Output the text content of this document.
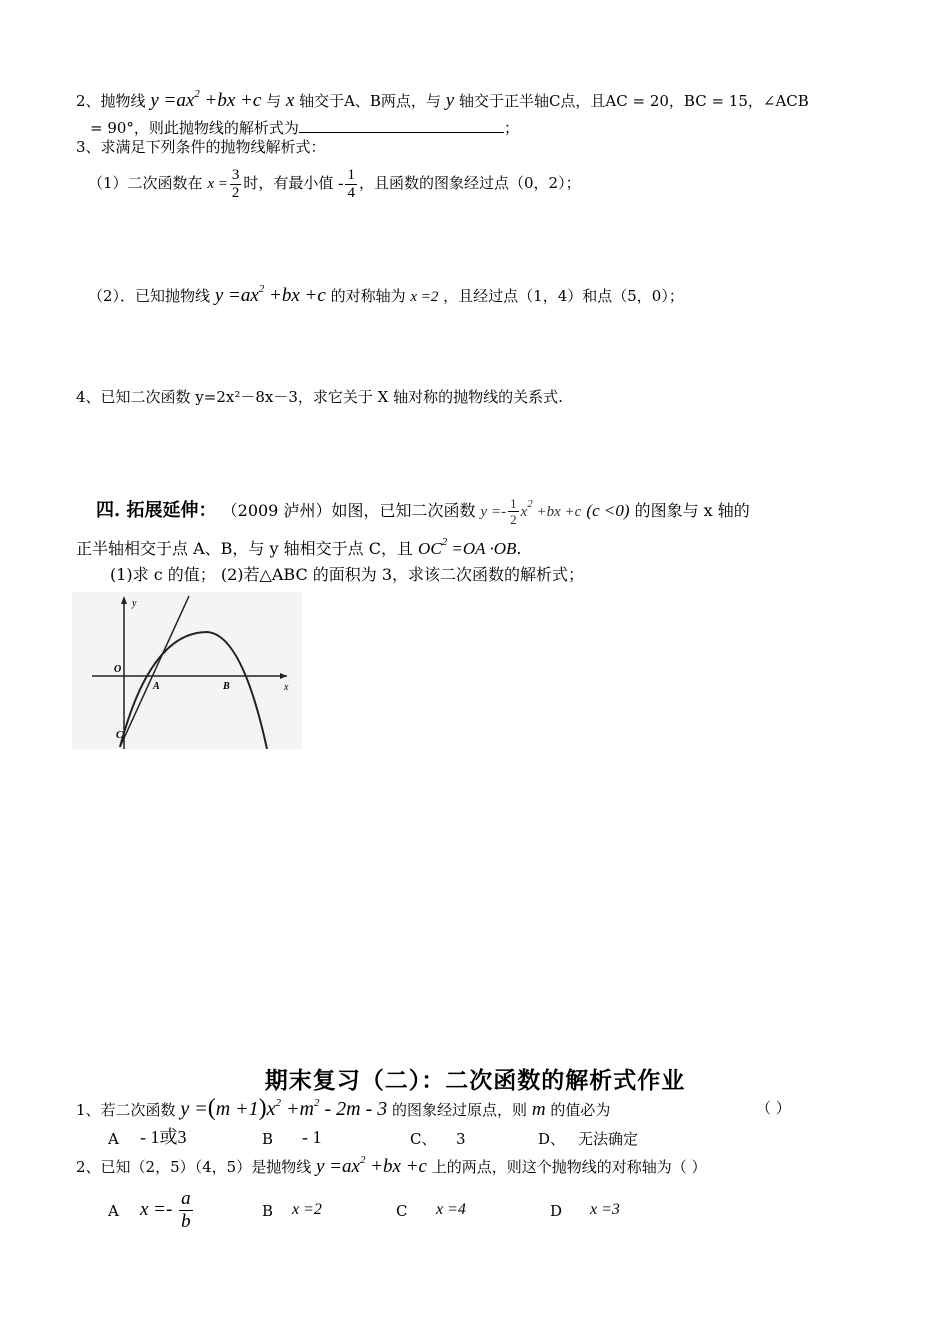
2、抛物线 $y =ax^2 +bx +c$ 与 x 轴交于A、B两点，与 y 轴交于正半轴C点，且AC = 20，BC = 15，∠ACB
= 90°，则此抛物线的解析式为	；
3、求满足下列条件的抛物线解析式：
（1）二次函数在 $x = \frac{3}{2}$ 时，有最小值 - $\frac{1}{4}$ ，且函数的图象经过点（0，2）；
（2）．已知抛物线 $y =ax^2 +bx +c$ 的对称轴为 x =2 ，且经过点（1，4）和点（5，0）；
4、已知二次函数 y=2x²－8x－3，求它关于 X 轴对称的抛物线的关系式.
四. 拓展延伸： （2009 泸州）如图，已知二次函数 $y =- \frac{1}{2} x^2 +bx +c$ (c <0) 的图象与 x 轴的
正半轴相交于点 A、B，与 y 轴相交于点 C，且 $OC^2 =OA \cdot OB$.
(1)求 c 的值； (2)若△ABC 的面积为 3，求该二次函数的解析式；
y
O
A	B	x
C
期末复习（二）：二次函数的解析式作业
1、若二次函数 $y =(m +1)x^2 +m^2 - 2m - 3$ 的图象经过原点，则 m 的值必为	（ ）
A - 1或3	B - 1	C、 3	D、 无法确定
2、已知（2，5）（4，5）是抛物线 $y =ax^2 +bx +c$ 上的两点，则这个抛物线的对称轴为（ ）
A $x =- \frac{a}{b}$	B x =2	C x =4	D x =3
